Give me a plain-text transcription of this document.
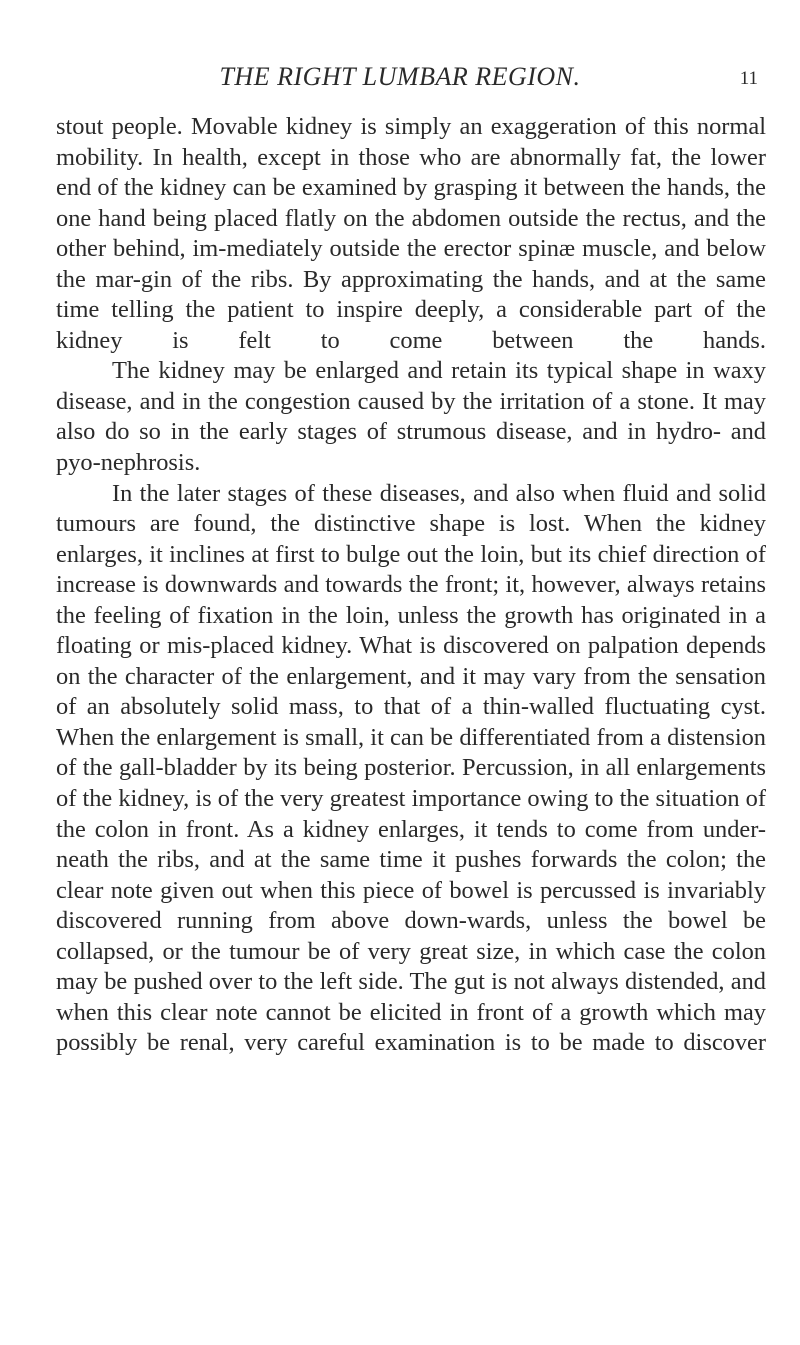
THE RIGHT LUMBAR REGION.	11

stout people. Movable kidney is simply an exaggeration of this normal mobility. In health, except in those who are abnormally fat, the lower end of the kidney can be examined by grasping it between the hands, the one hand being placed flatly on the abdomen outside the rectus, and the other behind, im-mediately outside the erector spinæ muscle, and below the mar-gin of the ribs. By approximating the hands, and at the same time telling the patient to inspire deeply, a considerable part of the kidney is felt to come between the hands.

The kidney may be enlarged and retain its typical shape in waxy disease, and in the congestion caused by the irritation of a stone. It may also do so in the early stages of strumous disease, and in hydro- and pyo-nephrosis.

In the later stages of these diseases, and also when fluid and solid tumours are found, the distinctive shape is lost. When the kidney enlarges, it inclines at first to bulge out the loin, but its chief direction of increase is downwards and towards the front; it, however, always retains the feeling of fixation in the loin, unless the growth has originated in a floating or mis-placed kidney. What is discovered on palpation depends on the character of the enlargement, and it may vary from the sensation of an absolutely solid mass, to that of a thin-walled fluctuating cyst. When the enlargement is small, it can be differentiated from a distension of the gall-bladder by its being posterior. Percussion, in all enlargements of the kidney, is of the very greatest importance owing to the situation of the colon in front. As a kidney enlarges, it tends to come from under-neath the ribs, and at the same time it pushes forwards the colon; the clear note given out when this piece of bowel is percussed is invariably discovered running from above down-wards, unless the bowel be collapsed, or the tumour be of very great size, in which case the colon may be pushed over to the left side. The gut is not always distended, and when this clear note cannot be elicited in front of a growth which may possibly be renal, very careful examination is to be made to discover
